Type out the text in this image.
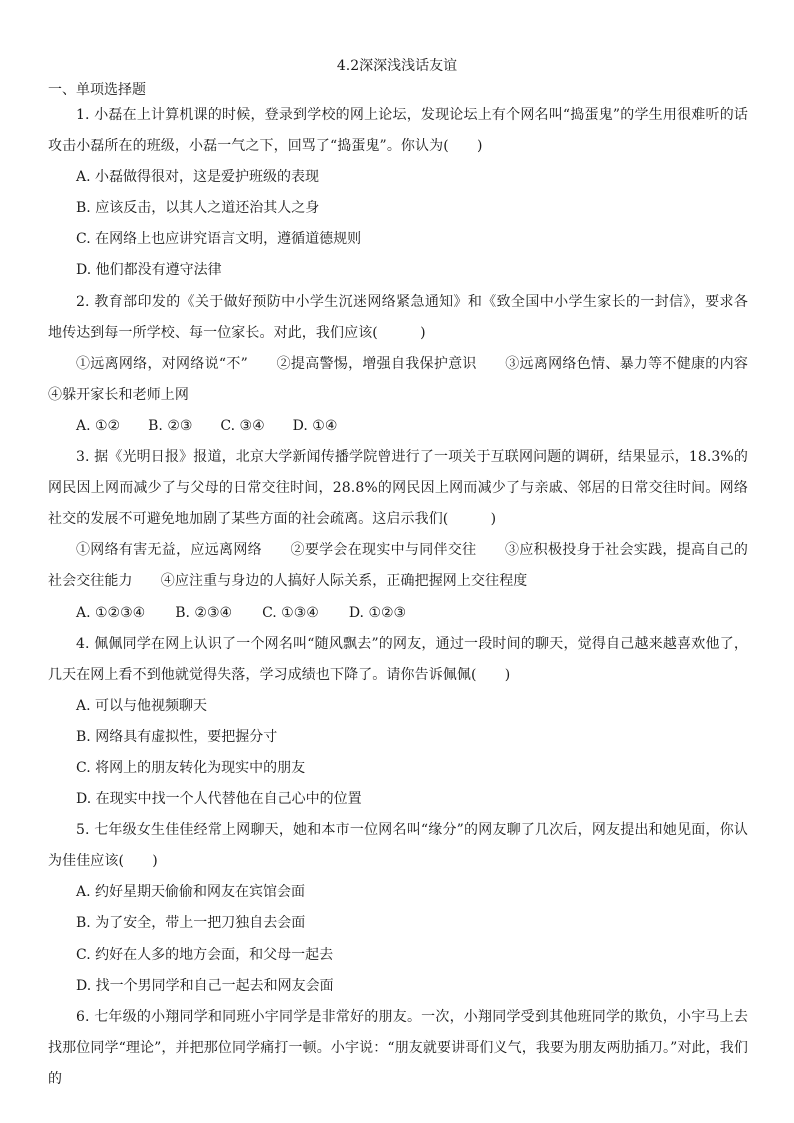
4.2深深浅浅话友谊
一、单项选择题

1. 小磊在上计算机课的时候，登录到学校的网上论坛，发现论坛上有个网名叫“捣蛋鬼”的学生用很难听的话攻击小磊所在的班级，小磊一气之下，回骂了“捣蛋鬼”。你认为(　　)

A. 小磊做得很对，这是爱护班级的表现

B. 应该反击，以其人之道还治其人之身

C. 在网络上也应讲究语言文明，遵循道德规则

D. 他们都没有遵守法律

2. 教育部印发的《关于做好预防中小学生沉迷网络紧急通知》和《致全国中小学生家长的一封信》，要求各地传达到每一所学校、每一位家长。对此，我们应该(　　　)

①远离网络，对网络说“不”　　②提高警惕，增强自我保护意识　　③远离网络色情、暴力等不健康的内容　④躲开家长和老师上网

A. ①② B. ②③ C. ③④ D. ①④

3. 据《光明日报》报道，北京大学新闻传播学院曾进行了一项关于互联网问题的调研，结果显示，18.3%的网民因上网而减少了与父母的日常交往时间，28.8%的网民因上网而减少了与亲戚、邻居的日常交往时间。网络社交的发展不可避免地加剧了某些方面的社会疏离。这启示我们(　　　)

①网络有害无益，应远离网络　　②要学会在现实中与同伴交往　　③应积极投身于社会实践，提高自己的社会交往能力　　④应注重与身边的人搞好人际关系，正确把握网上交往程度

A. ①②③④ B. ②③④ C. ①③④ D. ①②③

4. 佩佩同学在网上认识了一个网名叫“随风飘去”的网友，通过一段时间的聊天，觉得自己越来越喜欢他了，几天在网上看不到他就觉得失落，学习成绩也下降了。请你告诉佩佩(　　)

A. 可以与他视频聊天

B. 网络具有虚拟性，要把握分寸

C. 将网上的朋友转化为现实中的朋友

D. 在现实中找一个人代替他在自己心中的位置

5. 七年级女生佳佳经常上网聊天，她和本市一位网名叫“缘分”的网友聊了几次后，网友提出和她见面，你认为佳佳应该(　　)

A. 约好星期天偷偷和网友在宾馆会面

B. 为了安全，带上一把刀独自去会面

C. 约好在人多的地方会面，和父母一起去

D. 找一个男同学和自己一起去和网友会面

6. 七年级的小翔同学和同班小宇同学是非常好的朋友。一次，小翔同学受到其他班同学的欺负，小宇马上去找那位同学“理论”，并把那位同学痛打一顿。小宇说：“朋友就要讲哥们义气，我要为朋友两肋插刀。”对此，我们的
